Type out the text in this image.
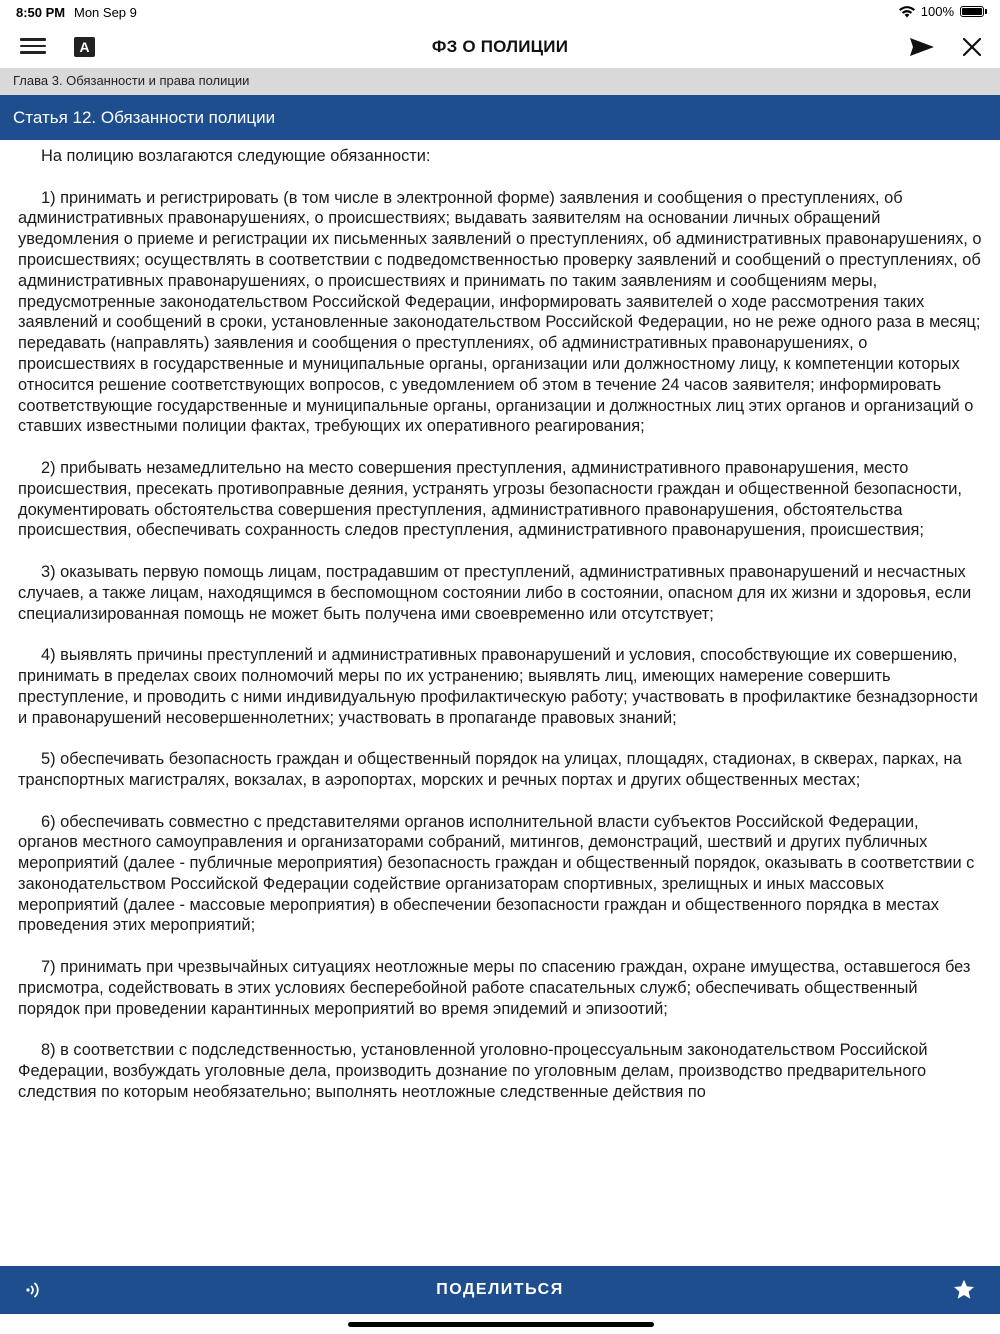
8:50 PM Mon Sep 9	100%
A	ФЗ О ПОЛИЦИИ
Глава 3. Обязанности и права полиции
Статья 12. Обязанности полиции

На полицию возлагаются следующие обязанности:

1) принимать и регистрировать (в том числе в электронной форме) заявления и сообщения о преступлениях, об административных правонарушениях, о происшествиях; выдавать заявителям на основании личных обращений уведомления о приеме и регистрации их письменных заявлений о преступлениях, об административных правонарушениях, о происшествиях; осуществлять в соответствии с подведомственностью проверку заявлений и сообщений о преступлениях, об административных правонарушениях, о происшествиях и принимать по таким заявлениям и сообщениям меры, предусмотренные законодательством Российской Федерации, информировать заявителей о ходе рассмотрения таких заявлений и сообщений в сроки, установленные законодательством Российской Федерации, но не реже одного раза в месяц; передавать (направлять) заявления и сообщения о преступлениях, об административных правонарушениях, о происшествиях в государственные и муниципальные органы, организации или должностному лицу, к компетенции которых относится решение соответствующих вопросов, с уведомлением об этом в течение 24 часов заявителя; информировать соответствующие государственные и муниципальные органы, организации и должностных лиц этих органов и организаций о ставших известными полиции фактах, требующих их оперативного реагирования;

2) прибывать незамедлительно на место совершения преступления, административного правонарушения, место происшествия, пресекать противоправные деяния, устранять угрозы безопасности граждан и общественной безопасности, документировать обстоятельства совершения преступления, административного правонарушения, обстоятельства происшествия, обеспечивать сохранность следов преступления, административного правонарушения, происшествия;

3) оказывать первую помощь лицам, пострадавшим от преступлений, административных правонарушений и несчастных случаев, а также лицам, находящимся в беспомощном состоянии либо в состоянии, опасном для их жизни и здоровья, если специализированная помощь не может быть получена ими своевременно или отсутствует;

4) выявлять причины преступлений и административных правонарушений и условия, способствующие их совершению, принимать в пределах своих полномочий меры по их устранению; выявлять лиц, имеющих намерение совершить преступление, и проводить с ними индивидуальную профилактическую работу; участвовать в профилактике безнадзорности и правонарушений несовершеннолетних; участвовать в пропаганде правовых знаний;

5) обеспечивать безопасность граждан и общественный порядок на улицах, площадях, стадионах, в скверах, парках, на транспортных магистралях, вокзалах, в аэропортах, морских и речных портах и других общественных местах;

6) обеспечивать совместно с представителями органов исполнительной власти субъектов Российской Федерации, органов местного самоуправления и организаторами собраний, митингов, демонстраций, шествий и других публичных мероприятий (далее - публичные мероприятия) безопасность граждан и общественный порядок, оказывать в соответствии с законодательством Российской Федерации содействие организаторам спортивных, зрелищных и иных массовых мероприятий (далее - массовые мероприятия) в обеспечении безопасности граждан и общественного порядка в местах проведения этих мероприятий;

7) принимать при чрезвычайных ситуациях неотложные меры по спасению граждан, охране имущества, оставшегося без присмотра, содействовать в этих условиях бесперебойной работе спасательных служб; обеспечивать общественный порядок при проведении карантинных мероприятий во время эпидемий и эпизоотий;

8) в соответствии с подследственностью, установленной уголовно-процессуальным законодательством Российской Федерации, возбуждать уголовные дела, производить дознание по уголовным делам, производство предварительного следствия по которым необязательно; выполнять неотложные следственные действия по

ПОДЕЛИТЬСЯ
